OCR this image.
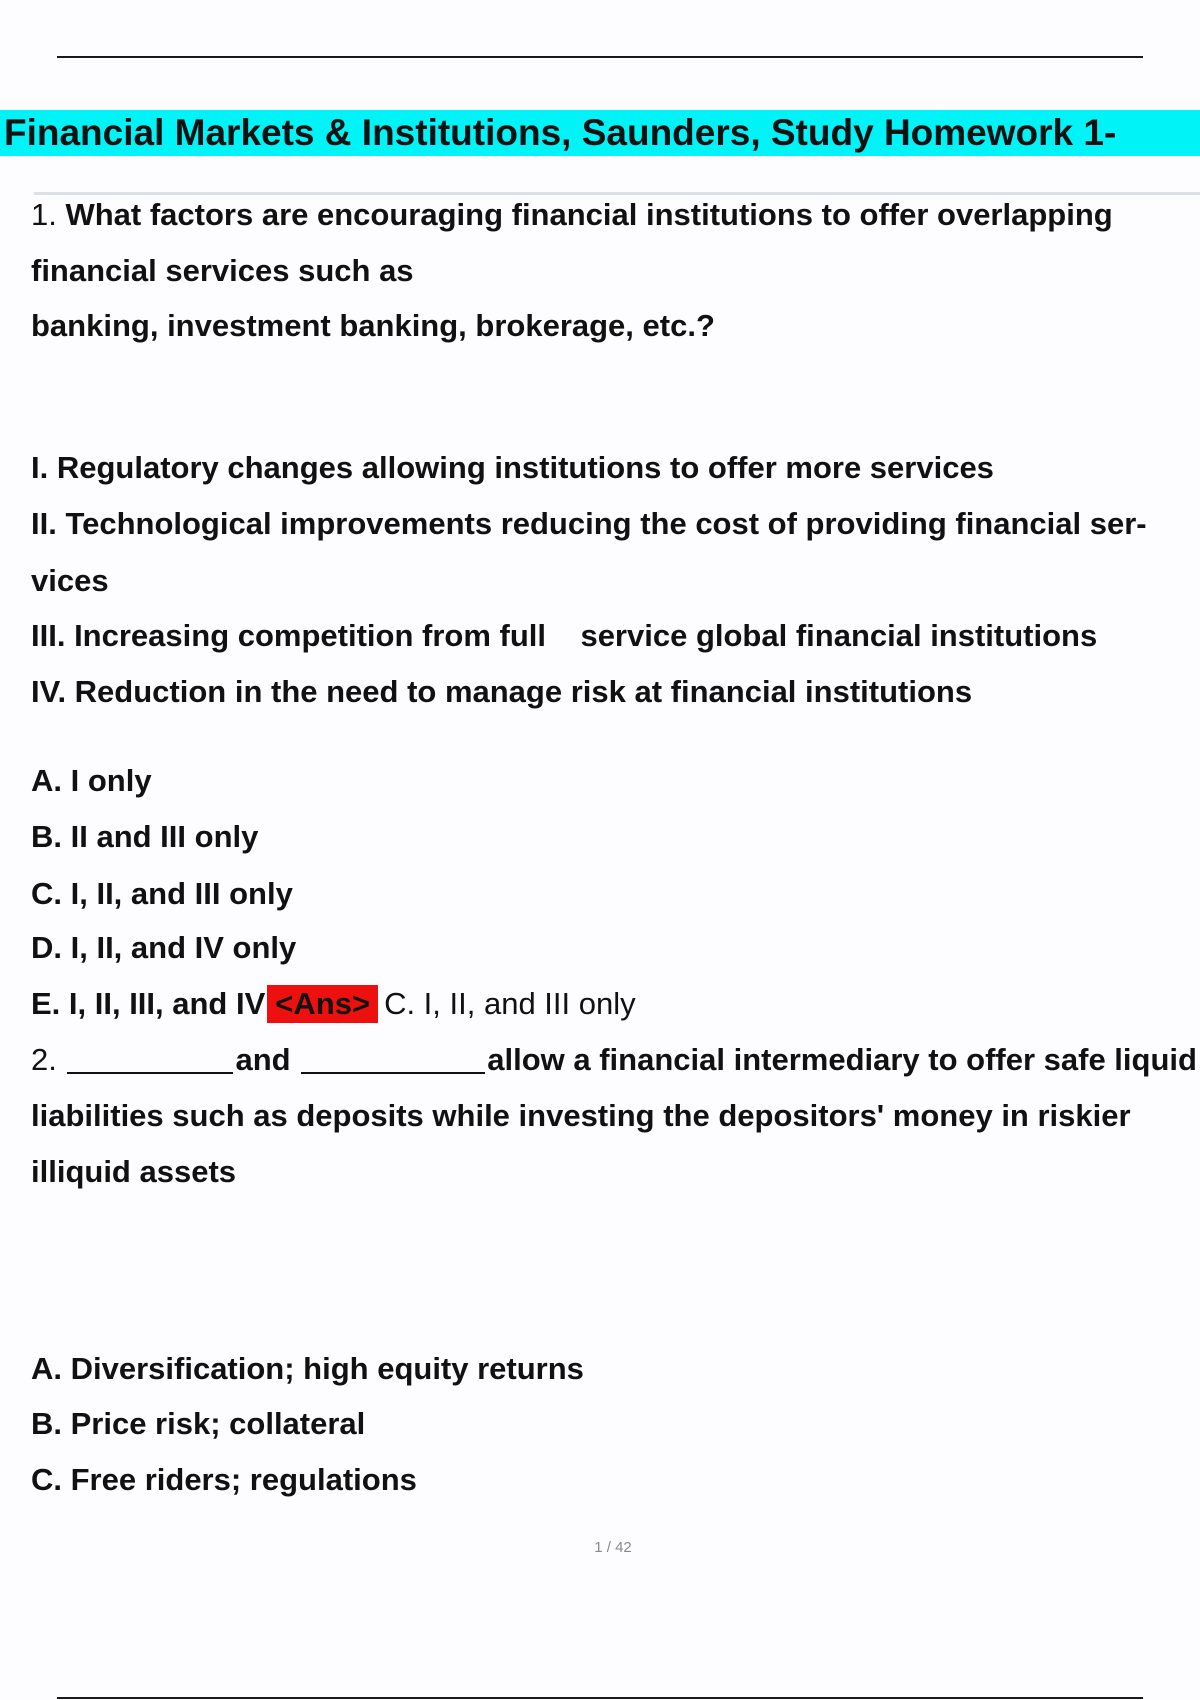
Financial Markets & Institutions, Saunders, Study Homework 1-
1. What factors are encouraging financial institutions to offer overlapping
financial services such as
banking, investment banking, brokerage, etc.?
I. Regulatory changes allowing institutions to offer more services
II. Technological improvements reducing the cost of providing financial ser-
vices
III. Increasing competition from full    service global financial institutions
IV. Reduction in the need to manage risk at financial institutions
A. I only
B. II and III only
C. I, II, and III only
D. I, II, and IV only
E. I, II, III, and IV <Ans> C. I, II, and III only
2.	and	allow a financial intermediary to offer safe liquid
liabilities such as deposits while investing the depositors' money in riskier
illiquid assets
A. Diversification; high equity returns
B. Price risk; collateral
C. Free riders; regulations
1 / 42
